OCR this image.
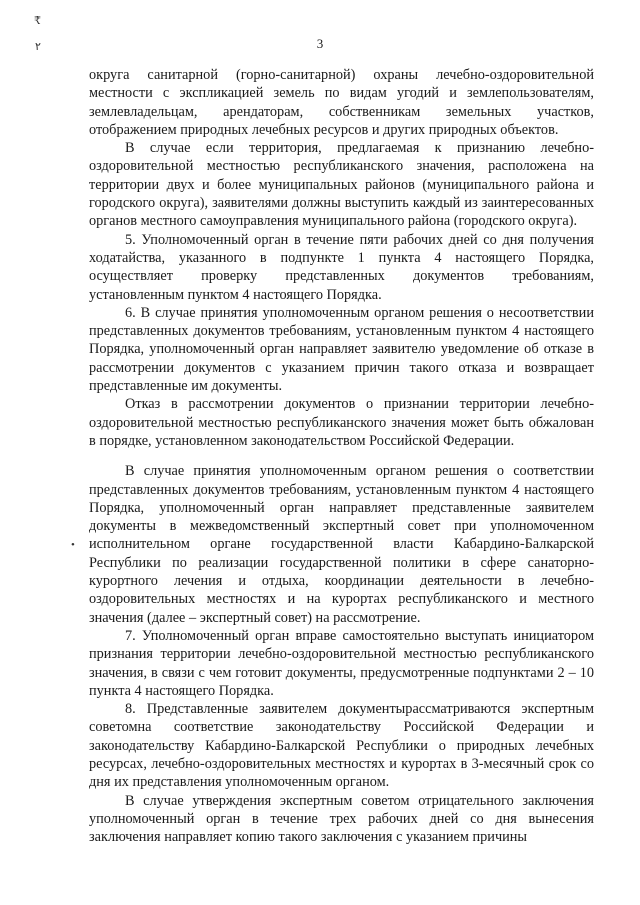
3
₹
٢
•

округа санитарной (горно-санитарной) охраны лечебно-оздоровительной местности с экспликацией земель по видам угодий и землепользователям, землевладельцам, арендаторам, собственникам земельных участков, отображением природных лечебных ресурсов и других природных объектов.

В случае если территория, предлагаемая к признанию лечебно-оздоровительной местностью республиканского значения, расположена на территории двух и более муниципальных районов (муниципального района и городского округа), заявителями должны выступить каждый из заинтересованных органов местного самоуправления муниципального района (городского округа).

5. Уполномоченный орган в течение пяти рабочих дней со дня получения ходатайства, указанного в подпункте 1 пункта 4 настоящего Порядка, осуществляет проверку представленных документов требованиям, установленным пунктом 4 настоящего Порядка.

6. В случае принятия уполномоченным органом решения о несоответствии представленных документов требованиям, установленным пунктом 4 настоящего Порядка, уполномоченный орган направляет заявителю уведомление об отказе в рассмотрении документов с указанием причин такого отказа и возвращает представленные им документы.

Отказ в рассмотрении документов о признании территории лечебно-оздоровительной местностью республиканского значения может быть обжалован в порядке, установленном законодательством Российской Федерации.

В случае принятия уполномоченным органом решения о соответствии представленных документов требованиям, установленным пунктом 4 настоящего Порядка, уполномоченный орган направляет представленные заявителем документы в межведомственный экспертный совет при уполномоченном исполнительном органе государственной власти Кабардино-Балкарской Республики по реализации государственной политики в сфере санаторно-курортного лечения и отдыха, координации деятельности в лечебно-оздоровительных местностях и на курортах республиканского и местного значения (далее – экспертный совет) на рассмотрение.

7. Уполномоченный орган вправе самостоятельно выступать инициатором признания территории лечебно-оздоровительной местностью республиканского значения, в связи с чем готовит документы, предусмотренные подпунктами 2 – 10 пункта 4 настоящего Порядка.

8. Представленные заявителем документырассматриваются экспертным советомна соответствие законодательству Российской Федерации и законодательству Кабардино-Балкарской Республики о природных лечебных ресурсах, лечебно-оздоровительных местностях и курортах в 3-месячный срок со дня их представления уполномоченным органом.

В случае утверждения экспертным советом отрицательного заключения уполномоченный орган в течение трех рабочих дней со дня вынесения заключения направляет копию такого заключения с указанием причины
